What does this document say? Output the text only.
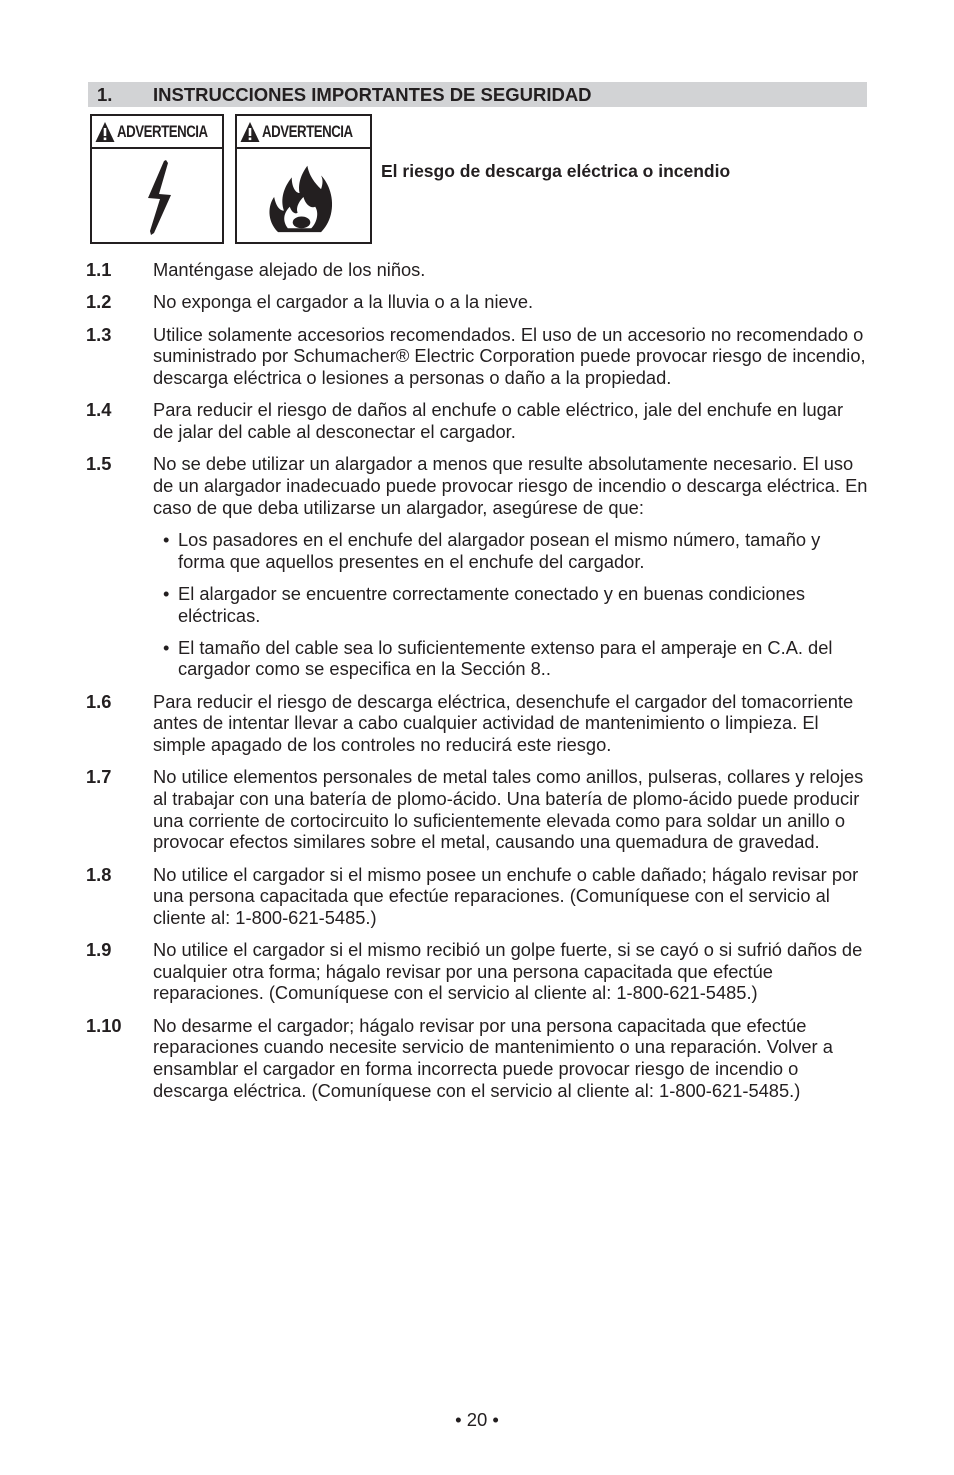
1. INSTRUCCIONES IMPORTANTES DE SEGURIDAD
ADVERTENCIA	ADVERTENCIA
El riesgo de descarga eléctrica o incendio
1.1	Manténgase alejado de los niños.
1.2	No exponga el cargador a la lluvia o a la nieve.
1.3	Utilice solamente accesorios recomendados. El uso de un accesorio no recomendado o suministrado por Schumacher® Electric Corporation puede provocar riesgo de incendio, descarga eléctrica o lesiones a personas o daño a la propiedad.
1.4	Para reducir el riesgo de daños al enchufe o cable eléctrico, jale del enchufe en lugar de jalar del cable al desconectar el cargador.
1.5	No se debe utilizar un alargador a menos que resulte absolutamente necesario. El uso de un alargador inadecuado puede provocar riesgo de incendio o descarga eléctrica. En caso de que deba utilizarse un alargador, asegúrese de que:
• Los pasadores en el enchufe del alargador posean el mismo número, tamaño y forma que aquellos presentes en el enchufe del cargador.
• El alargador se encuentre correctamente conectado y en buenas condiciones eléctricas.
• El tamaño del cable sea lo suficientemente extenso para el amperaje en C.A. del cargador como se especifica en la Sección 8..
1.6	Para reducir el riesgo de descarga eléctrica, desenchufe el cargador del tomacorriente antes de intentar llevar a cabo cualquier actividad de mantenimiento o limpieza. El simple apagado de los controles no reducirá este riesgo.
1.7	No utilice elementos personales de metal tales como anillos, pulseras, collares y relojes al trabajar con una batería de plomo-ácido. Una batería de plomo-ácido puede producir una corriente de cortocircuito lo suficientemente elevada como para soldar un anillo o provocar efectos similares sobre el metal, causando una quemadura de gravedad.
1.8	No utilice el cargador si el mismo posee un enchufe o cable dañado; hágalo revisar por una persona capacitada que efectúe reparaciones. (Comuníquese con el servicio al cliente al: 1-800-621-5485.)
1.9	No utilice el cargador si el mismo recibió un golpe fuerte, si se cayó o si sufrió daños de cualquier otra forma; hágalo revisar por una persona capacitada que efectúe reparaciones. (Comuníquese con el servicio al cliente al: 1-800-621-5485.)
1.10	No desarme el cargador; hágalo revisar por una persona capacitada que efectúe reparaciones cuando necesite servicio de mantenimiento o una reparación. Volver a ensamblar el cargador en forma incorrecta puede provocar riesgo de incendio o descarga eléctrica. (Comuníquese con el servicio al cliente al: 1-800-621-5485.)
• 20 •
